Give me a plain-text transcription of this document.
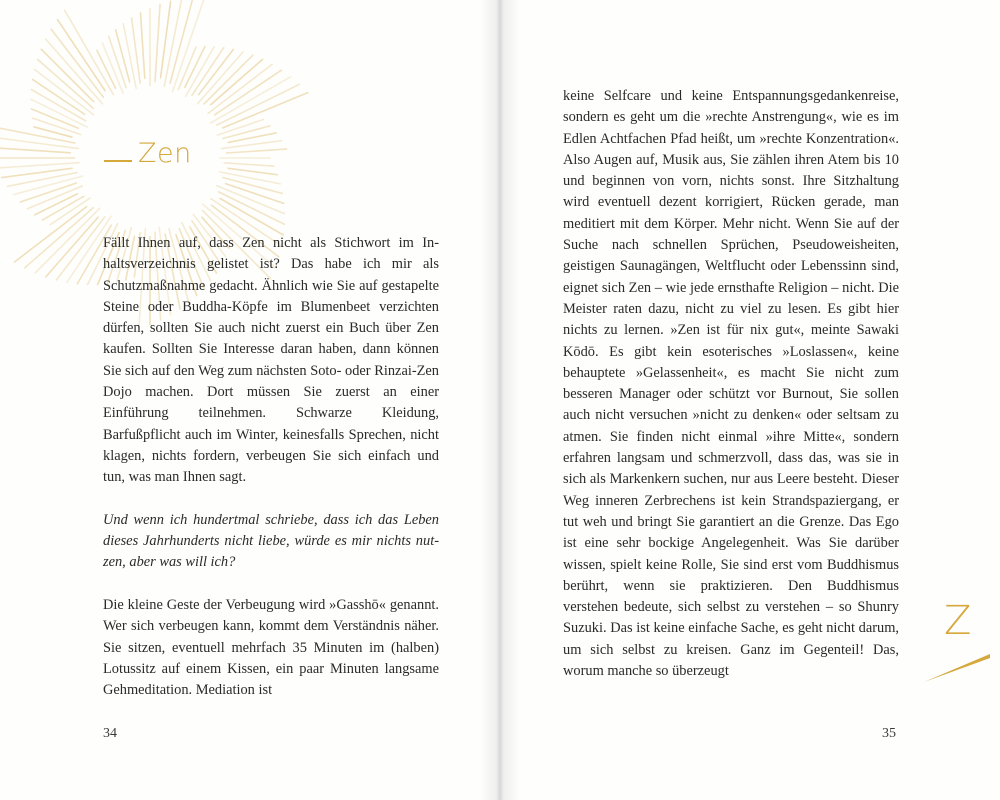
Zen

Fällt Ihnen auf, dass Zen nicht als Stichwort im Inhaltsverzeichnis gelistet ist? Das habe ich mir als Schutzmaßnahme gedacht. Ähnlich wie Sie auf gestapelte Steine oder Buddha-Köpfe im Blumenbeet verzichten dürfen, sollten Sie auch nicht zuerst ein Buch über Zen kaufen. Sollten Sie Interesse daran haben, dann können Sie sich auf den Weg zum nächsten Soto- oder Rinzai-Zen Dojo machen. Dort müssen Sie zuerst an einer Einführung teilnehmen. Schwarze Kleidung, Barfußpflicht auch im Winter, keinesfalls Sprechen, nicht klagen, nichts fordern, verbeugen Sie sich einfach und tun, was man Ihnen sagt.

Und wenn ich hundertmal schriebe, dass ich das Leben dieses Jahrhunderts nicht liebe, würde es mir nichts nutzen, aber was will ich?

Die kleine Geste der Verbeugung wird »Gasshō« genannt. Wer sich verbeugen kann, kommt dem Verständnis näher. Sie sitzen, eventuell mehrfach 35 Minuten im (halben) Lotussitz auf einem Kissen, ein paar Minuten langsame Gehmeditation. Mediation ist

34

keine Selfcare und keine Entspannungsgedankenreise, sondern es geht um die »rechte Anstrengung«, wie es im Edlen Achtfachen Pfad heißt, um »rechte Konzentration«. Also Augen auf, Musik aus, Sie zählen ihren Atem bis 10 und beginnen von vorn, nichts sonst. Ihre Sitzhaltung wird eventuell dezent korrigiert, Rücken gerade, man meditiert mit dem Körper. Mehr nicht. Wenn Sie auf der Suche nach schnellen Sprüchen, Pseudoweisheiten, geistigen Saunagängen, Weltflucht oder Lebenssinn sind, eignet sich Zen – wie jede ernsthafte Religion – nicht. Die Meister raten dazu, nicht zu viel zu lesen. Es gibt hier nichts zu lernen. »Zen ist für nix gut«, meinte Sawaki Kōdō. Es gibt kein esoterisches »Loslassen«, keine behauptete »Gelassenheit«, es macht Sie nicht zum besseren Manager oder schützt vor Burnout, Sie sollen auch nicht versuchen »nicht zu denken« oder seltsam zu atmen. Sie finden nicht einmal »ihre Mitte«, sondern erfahren langsam und schmerzvoll, dass das, was sie in sich als Markenkern suchen, nur aus Leere besteht. Dieser Weg inneren Zerbrechens ist kein Strandspaziergang, er tut weh und bringt Sie garantiert an die Grenze. Das Ego ist eine sehr bockige Angelegenheit. Was Sie darüber wissen, spielt keine Rolle, Sie sind erst vom Buddhismus berührt, wenn sie praktizieren. Den Buddhismus verstehen bedeute, sich selbst zu verstehen – so Shunry Suzuki. Das ist keine einfache Sache, es geht nicht darum, um sich selbst zu kreisen. Ganz im Gegenteil! Das, worum manche so überzeugt

35
Z
